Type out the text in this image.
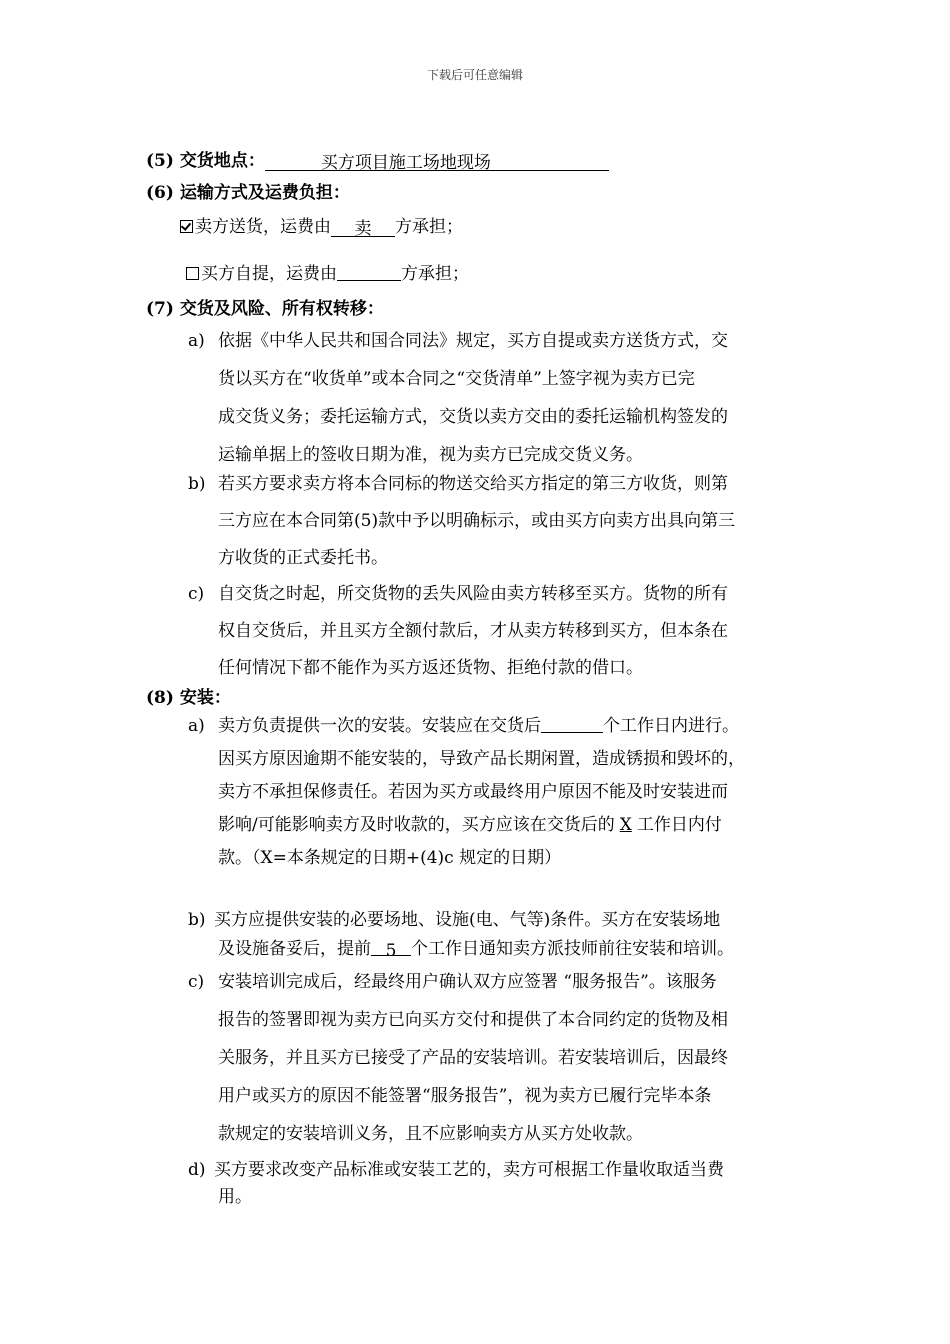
下载后可任意编辑
(5) 交货地点：	买方项目施工场地现场
(6) 运输方式及运费负担：
卖方送货，运费由 卖 方承担；
买方自提，运费由	方承担；
(7) 交货及风险、所有权转移：
a) 依据《中华人民共和国合同法》规定，买方自提或卖方送货方式，交
货以买方在“收货单”或本合同之“交货清单”上签字视为卖方已完
成交货义务；委托运输方式，交货以卖方交由的委托运输机构签发的
运输单据上的签收日期为准，视为卖方已完成交货义务。
b) 若买方要求卖方将本合同标的物送交给买方指定的第三方收货，则第
三方应在本合同第(5)款中予以明确标示，或由买方向卖方出具向第三
方收货的正式委托书。
c) 自交货之时起，所交货物的丢失风险由卖方转移至买方。货物的所有
权自交货后，并且买方全额付款后，才从卖方转移到买方，但本条在
任何情况下都不能作为买方返还货物、拒绝付款的借口。
(8) 安装：
a) 卖方负责提供一次的安装。安装应在交货后	个工作日内进行。
因买方原因逾期不能安装的，导致产品长期闲置，造成锈损和毁坏的，
卖方不承担保修责任。若因为买方或最终用户原因不能及时安装进而
影响/可能影响卖方及时收款的，买方应该在交货后的 X 工作日内付
款。（X=本条规定的日期+(4)c 规定的日期）
b) 买方应提供安装的必要场地、设施(电、气等)条件。买方在安装场地
及设施备妥后，提前 5 个工作日通知卖方派技师前往安装和培训。
c) 安装培训完成后，经最终用户确认双方应签署 “服务报告”。该服务
报告的签署即视为卖方已向买方交付和提供了本合同约定的货物及相
关服务，并且买方已接受了产品的安装培训。若安装培训后，因最终
用户或买方的原因不能签署“服务报告”，视为卖方已履行完毕本条
款规定的安装培训义务，且不应影响卖方从买方处收款。
d) 买方要求改变产品标准或安装工艺的，卖方可根据工作量收取适当费
用。
